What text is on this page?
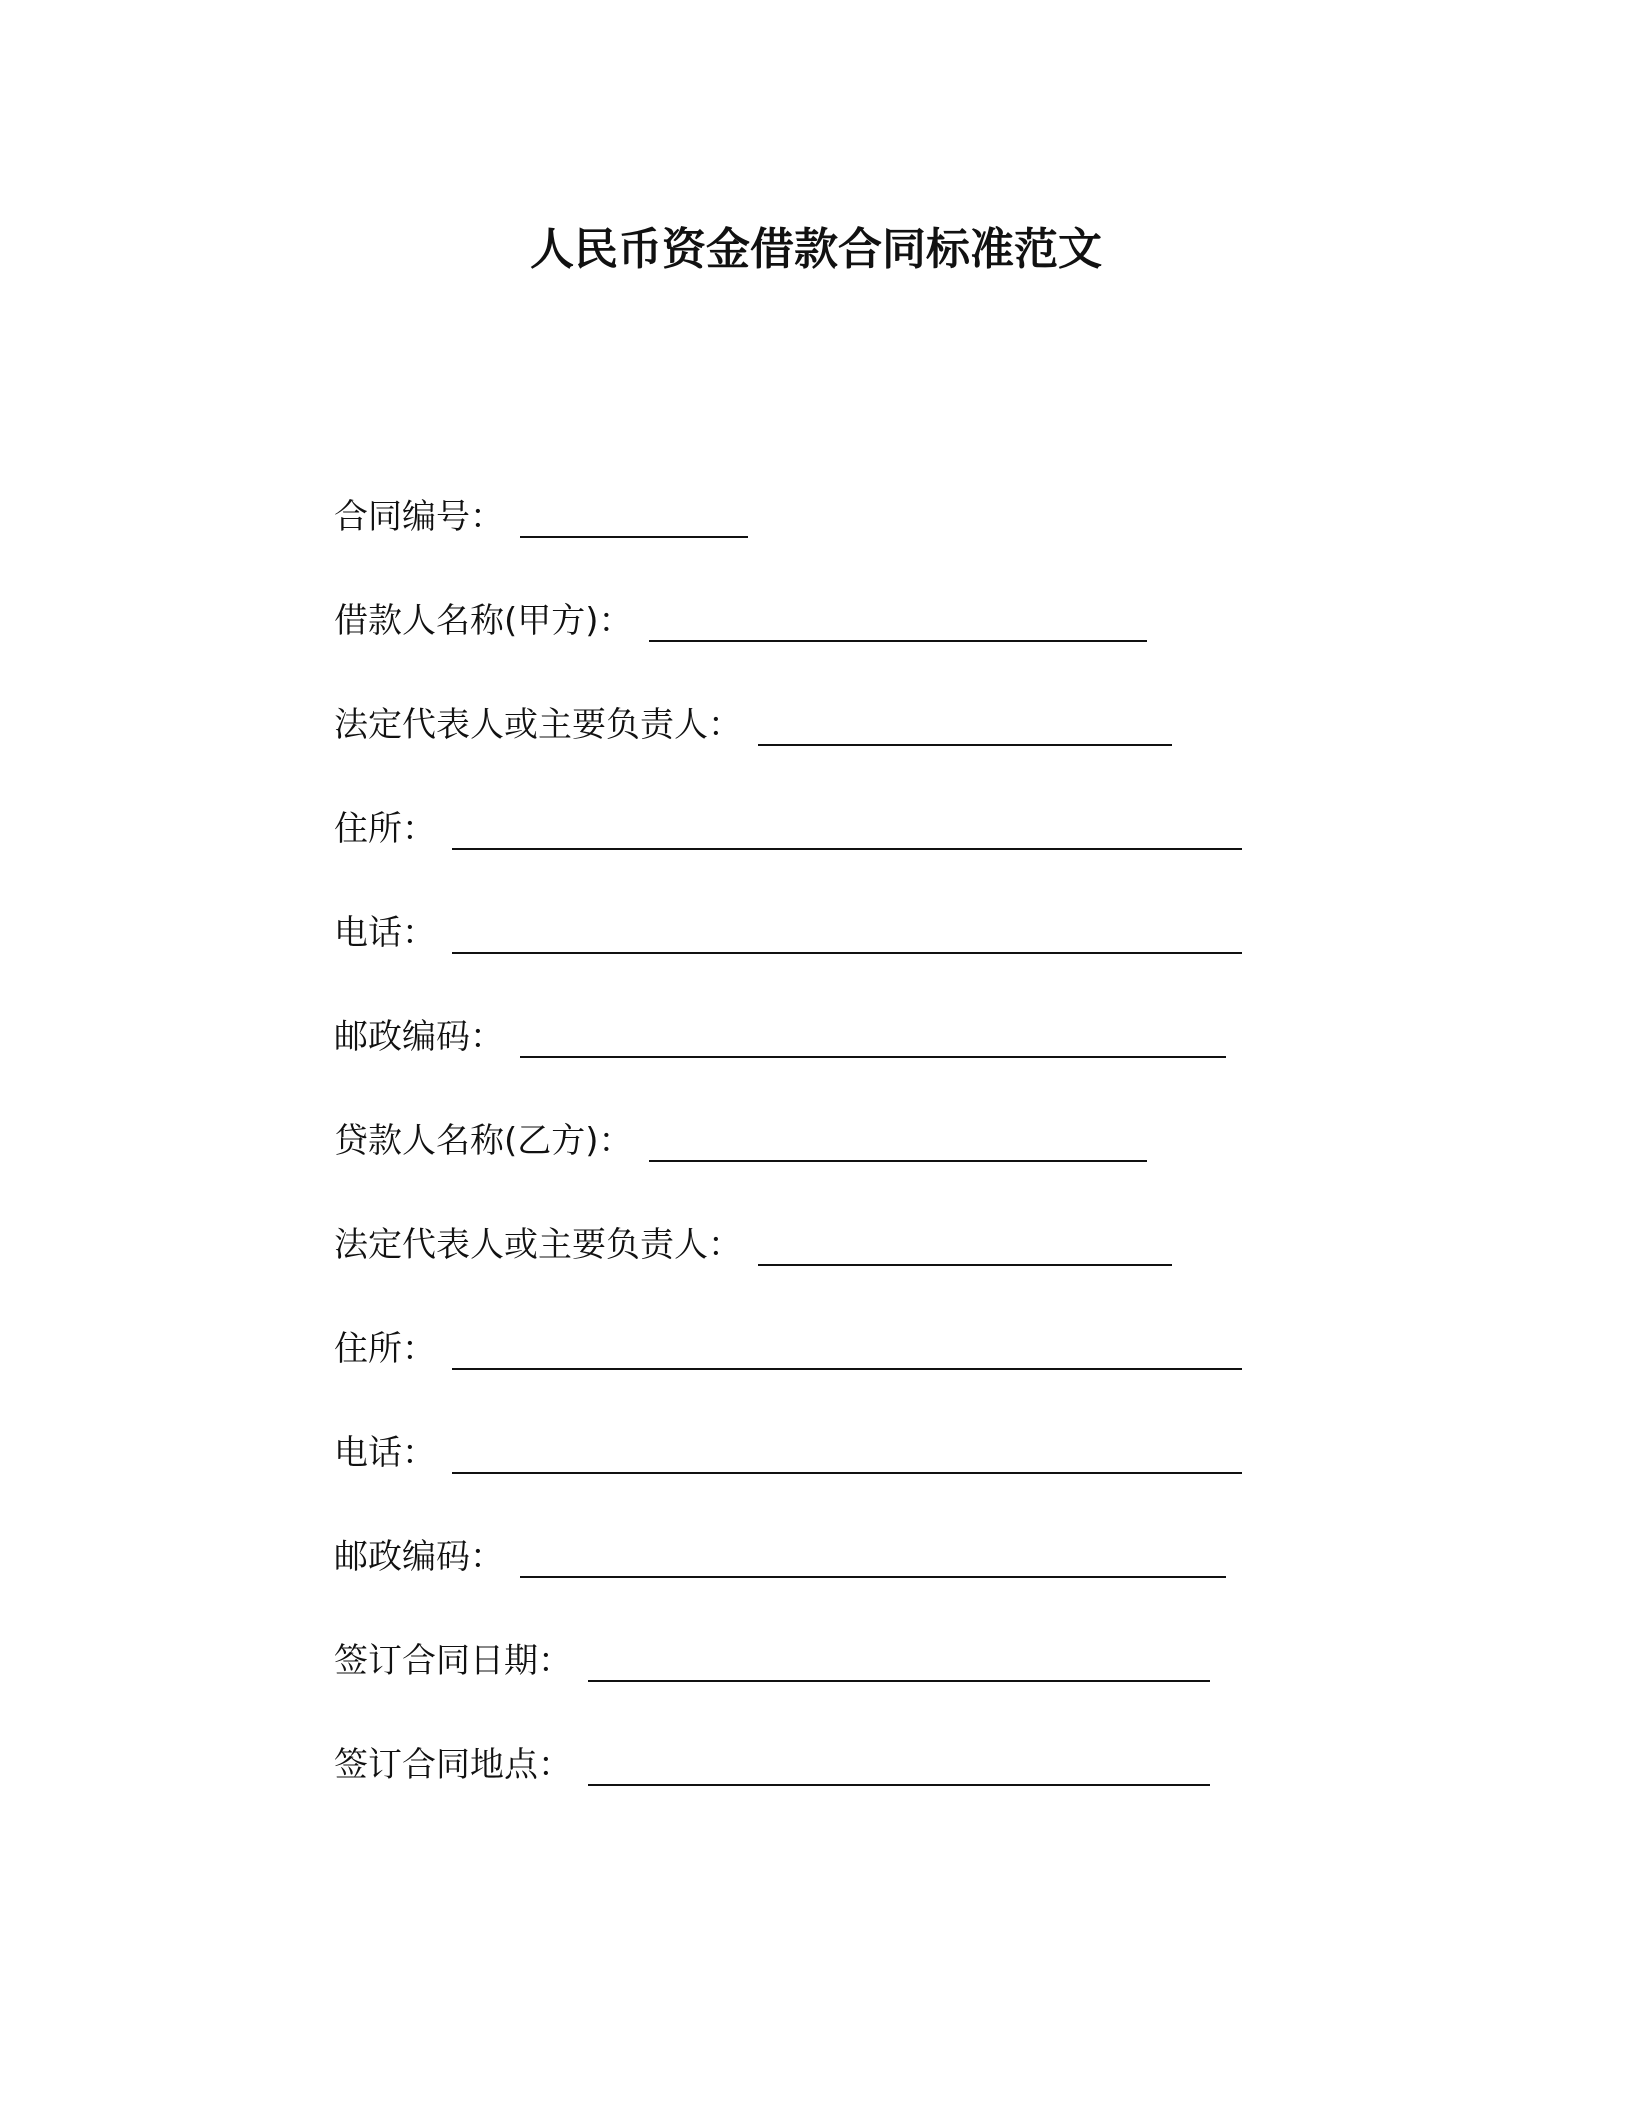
人民币资金借款合同标准范文
合同编号：
借款人名称(甲方)：
法定代表人或主要负责人：
住所：
电话：
邮政编码：
贷款人名称(乙方)：
法定代表人或主要负责人：
住所：
电话：
邮政编码：
签订合同日期：
签订合同地点：
